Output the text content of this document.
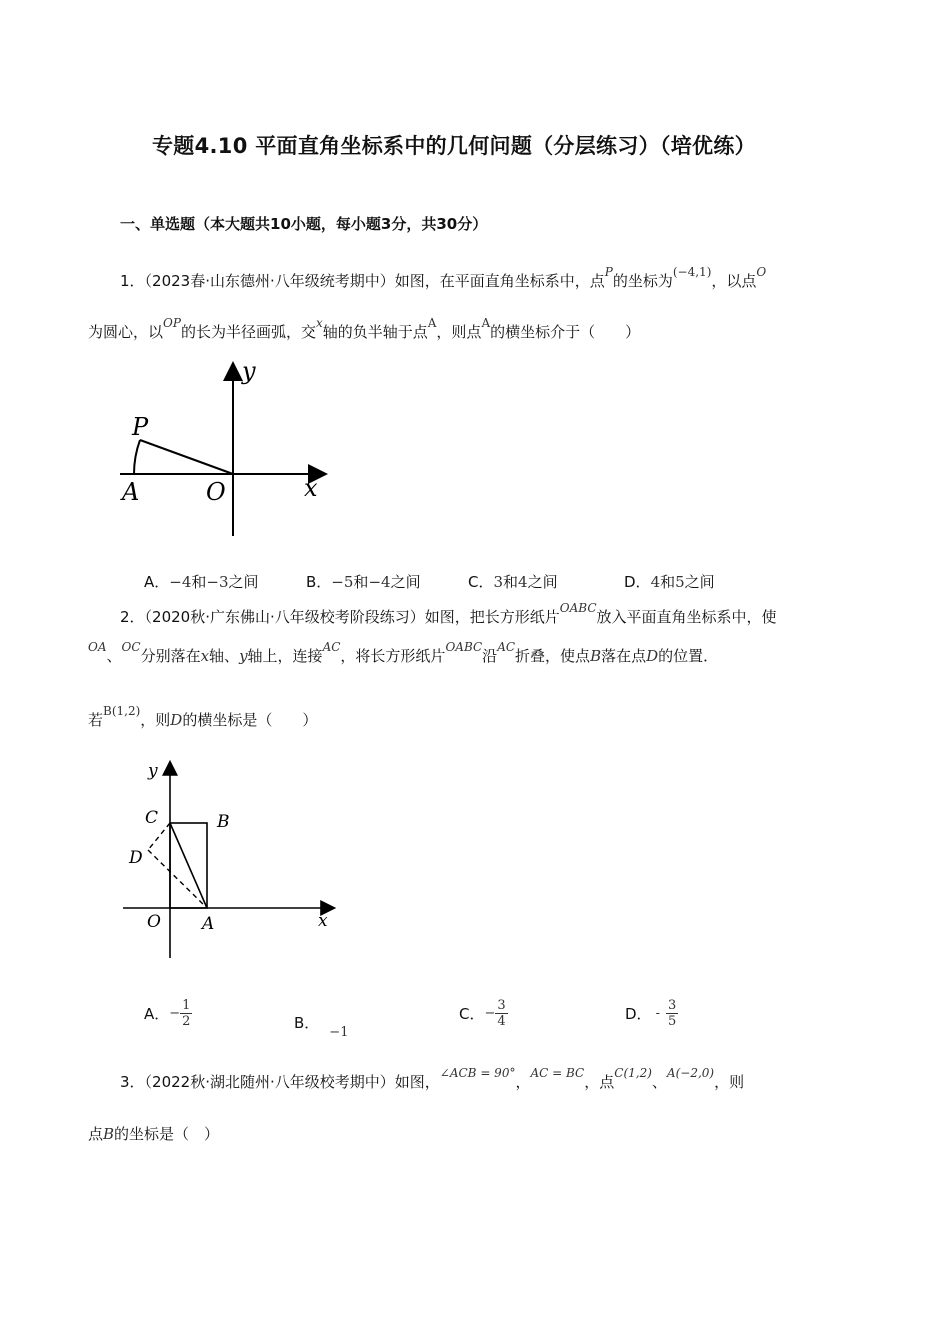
专题4.10 平面直角坐标系中的几何问题（分层练习）（培优练）
一、单选题（本大题共10小题，每小题3分，共30分）
1．（2023春·山东德州·八年级统考期中）如图，在平面直角坐标系中，点$^P$的坐标为$^{(-4,1)}$，以点$^O$
为圆心，以$^{OP}$的长为半径画弧，交$^x$轴的负半轴于点$^A$，则点$^A$的横坐标介于（　　）
y
P
A	O	x
A．−4和−3之间	B．−5和−4之间	C．3和4之间	D．4和5之间
2．（2020秋·广东佛山·八年级校考阶段练习）如图，把长方形纸片$^{OABC}$放入平面直角坐标系中，使
$^{OA}$、$^{OC}$分别落在x轴、y轴上，连接$^{AC}$，将长方形纸片$^{OABC}$沿$^{AC}$折叠，使点B落在点D的位置．
若$^{B(1,2)}$，则D的横坐标是（　　）
y
C	B
D
O A	x
A．− $\frac{1}{2}$	B．−1
C．− $\frac{3}{4}$	D． - $\frac{3}{5}$
3．（2022秋·湖北随州·八年级校考期中）如图，$^{\angle ACB = 90^\circ}$，$^{AC = BC}$，点$^{C(1,2)}$、$^{A(-2,0)}$，则
点B的坐标是（　）
